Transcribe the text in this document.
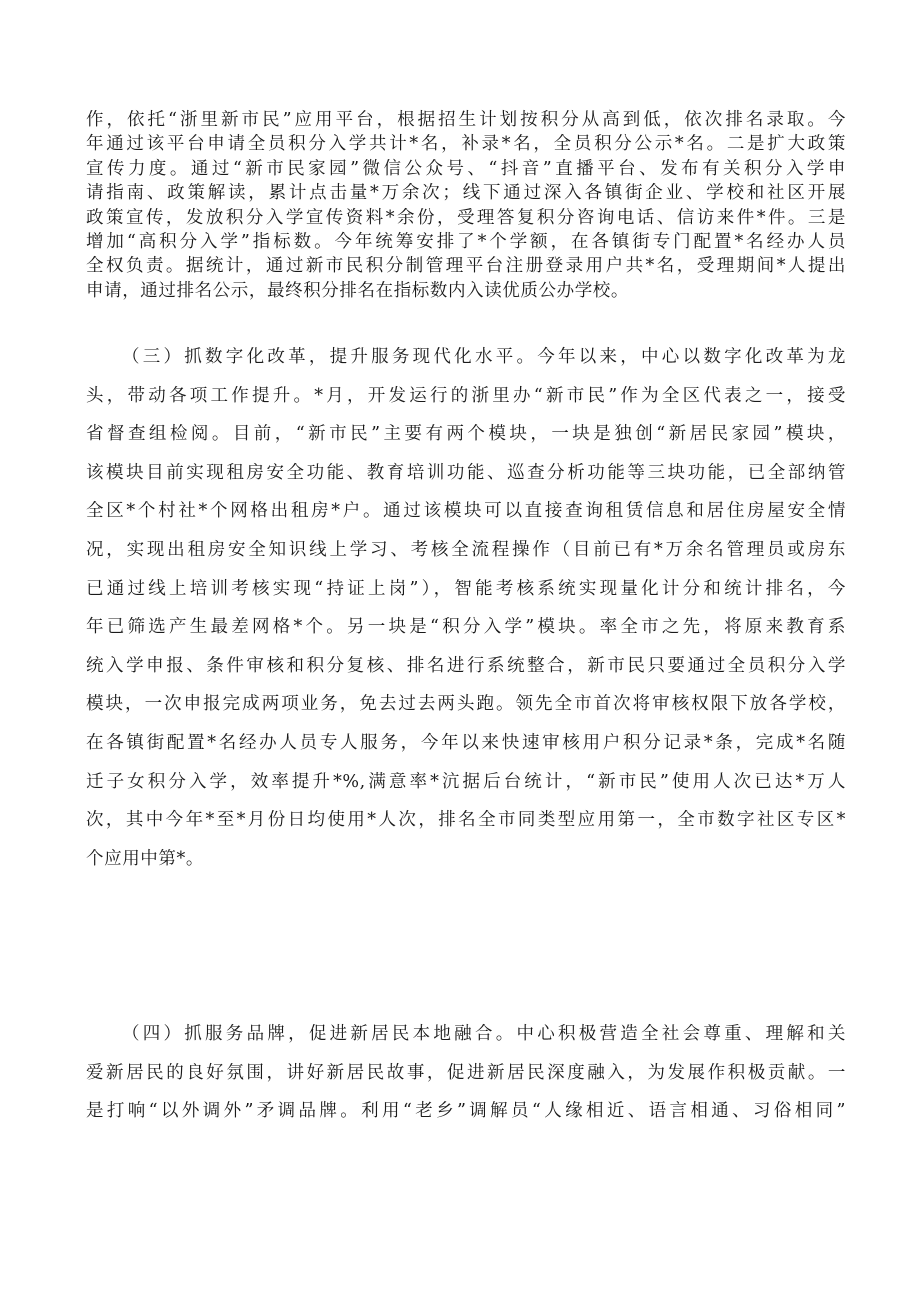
作，依托“浙里新市民”应用平台，根据招生计划按积分从高到低，依次排名录取。今
年通过该平台申请全员积分入学共计*名，补录*名，全员积分公示*名。二是扩大政策
宣传力度。通过“新市民家园”微信公众号、“抖音”直播平台、发布有关积分入学申
请指南、政策解读，累计点击量*万余次；线下通过深入各镇街企业、学校和社区开展
政策宣传，发放积分入学宣传资料*余份，受理答复积分咨询电话、信访来件*件。三是
增加“高积分入学”指标数。今年统筹安排了*个学额，在各镇街专门配置*名经办人员
全权负责。据统计，通过新市民积分制管理平台注册登录用户共*名，受理期间*人提出
申请，通过排名公示，最终积分排名在指标数内入读优质公办学校。
（三）抓数字化改革，提升服务现代化水平。今年以来，中心以数字化改革为龙
头，带动各项工作提升。*月，开发运行的浙里办“新市民”作为全区代表之一，接受
省督查组检阅。目前，“新市民”主要有两个模块，一块是独创“新居民家园”模块，
该模块目前实现租房安全功能、教育培训功能、巡查分析功能等三块功能，已全部纳管
全区*个村社*个网格出租房*户。通过该模块可以直接查询租赁信息和居住房屋安全情
况，实现出租房安全知识线上学习、考核全流程操作（目前已有*万余名管理员或房东
已通过线上培训考核实现“持证上岗”），智能考核系统实现量化计分和统计排名，今
年已筛选产生最差网格*个。另一块是“积分入学”模块。率全市之先，将原来教育系
统入学申报、条件审核和积分复核、排名进行系统整合，新市民只要通过全员积分入学
模块，一次申报完成两项业务，免去过去两头跑。领先全市首次将审核权限下放各学校，
在各镇街配置*名经办人员专人服务，今年以来快速审核用户积分记录*条，完成*名随
迁子女积分入学，效率提升*%,满意率*沆据后台统计，“新市民”使用人次已达*万人
次，其中今年*至*月份日均使用*人次，排名全市同类型应用第一，全市数字社区专区*
个应用中第*。
（四）抓服务品牌，促进新居民本地融合。中心积极营造全社会尊重、理解和关
爱新居民的良好氛围，讲好新居民故事，促进新居民深度融入，为发展作积极贡献。一
是打响“以外调外”矛调品牌。利用“老乡”调解员“人缘相近、语言相通、习俗相同”
